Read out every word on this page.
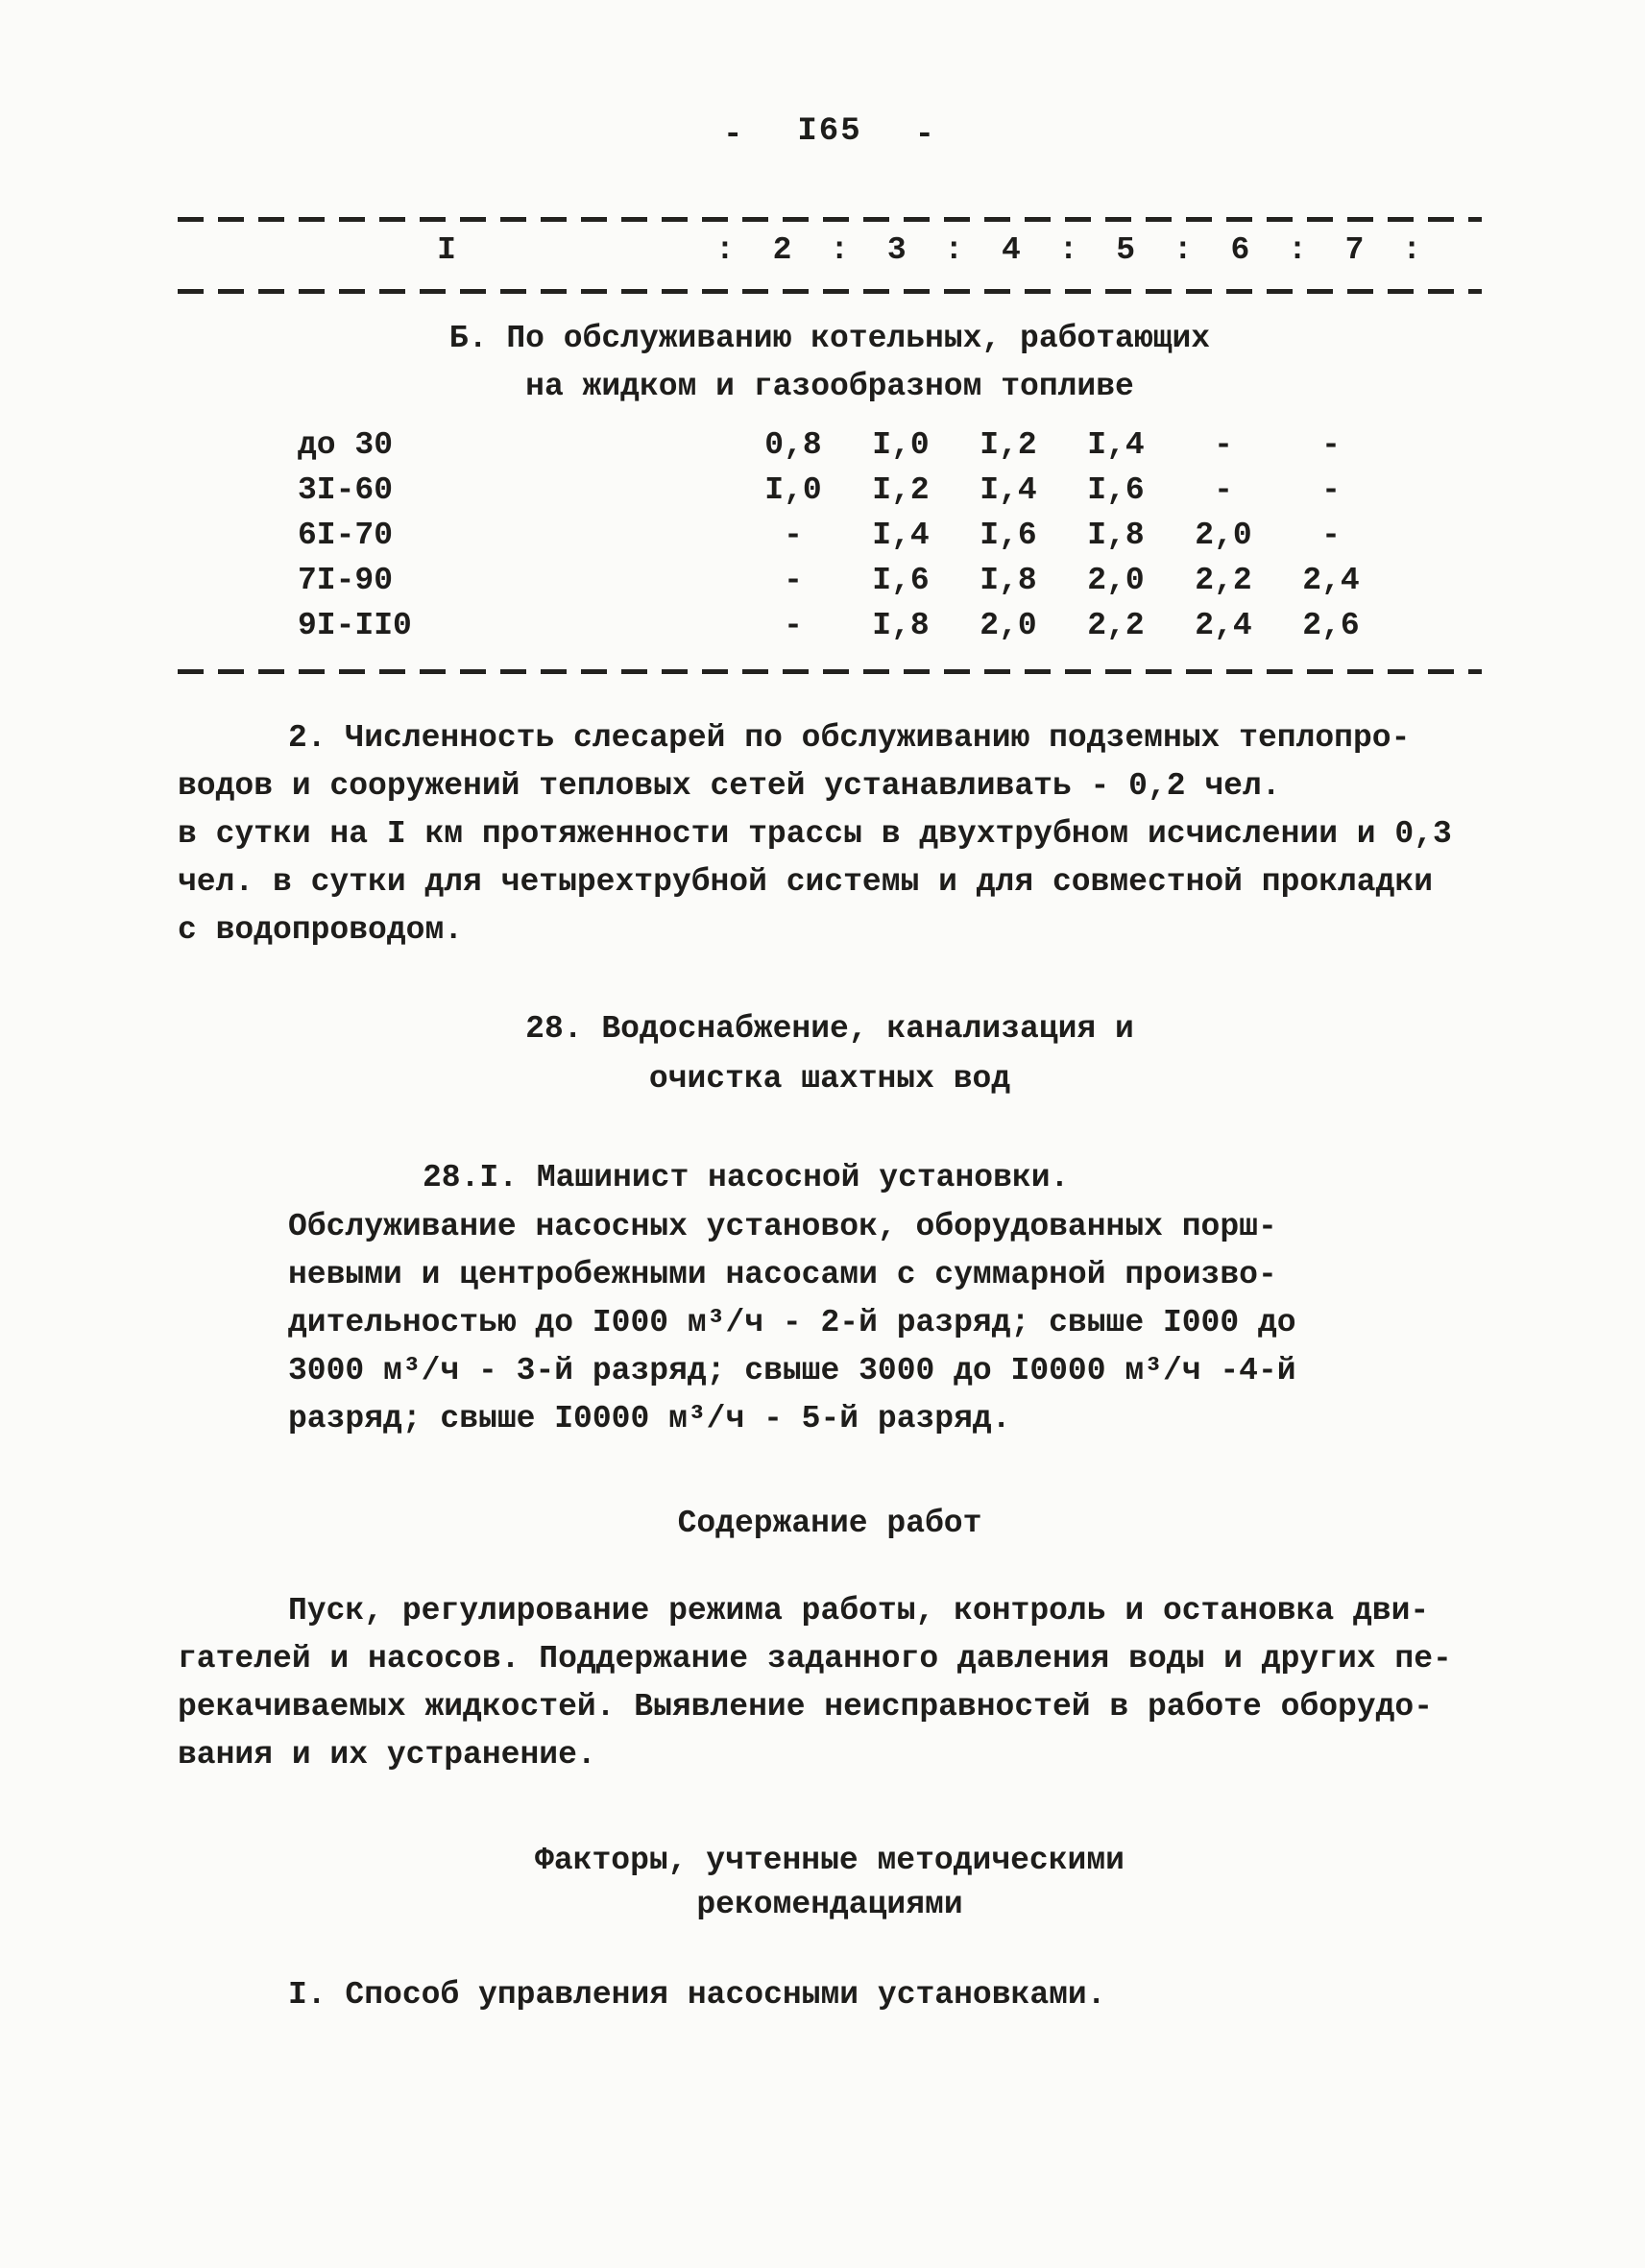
- I65 -
I	: 2 : 3 : 4 : 5 : 6 : 7 :
Б. По обслуживанию котельных, работающих
на жидком и газообразном топливе
до 30	0,8	I,0	I,2	I,4	-	-
3I-60	I,0	I,2	I,4	I,6	-	-
6I-70	-	I,4	I,6	I,8	2,0	-
7I-90	-	I,6	I,8	2,0	2,2	2,4
9I-II0	-	I,8	2,0	2,2	2,4	2,6
2. Численность слесарей по обслуживанию подземных теплопро-
водов и сооружений тепловых сетей устанавливать - 0,2 чел.
в сутки на I км протяженности трассы в двухтрубном исчислении и 0,3
чел. в сутки для четырехтрубной системы и для совместной прокладки
с водопроводом.
28. Водоснабжение, канализация и
очистка шахтных вод
28.I. Машинист насосной установки.
Обслуживание насосных установок, оборудованных порш-
невыми и центробежными насосами с суммарной произво-
дительностью до I000 м³/ч - 2-й разряд; свыше I000 до
3000 м³/ч - 3-й разряд; свыше 3000 до I0000 м³/ч -4-й
разряд; свыше I0000 м³/ч - 5-й разряд.
Содержание работ
Пуск, регулирование режима работы, контроль и остановка дви-
гателей и насосов. Поддержание заданного давления воды и других пе-
рекачиваемых жидкостей. Выявление неисправностей в работе оборудо-
вания и их устранение.
Факторы, учтенные методическими
рекомендациями
I. Способ управления насосными установками.
